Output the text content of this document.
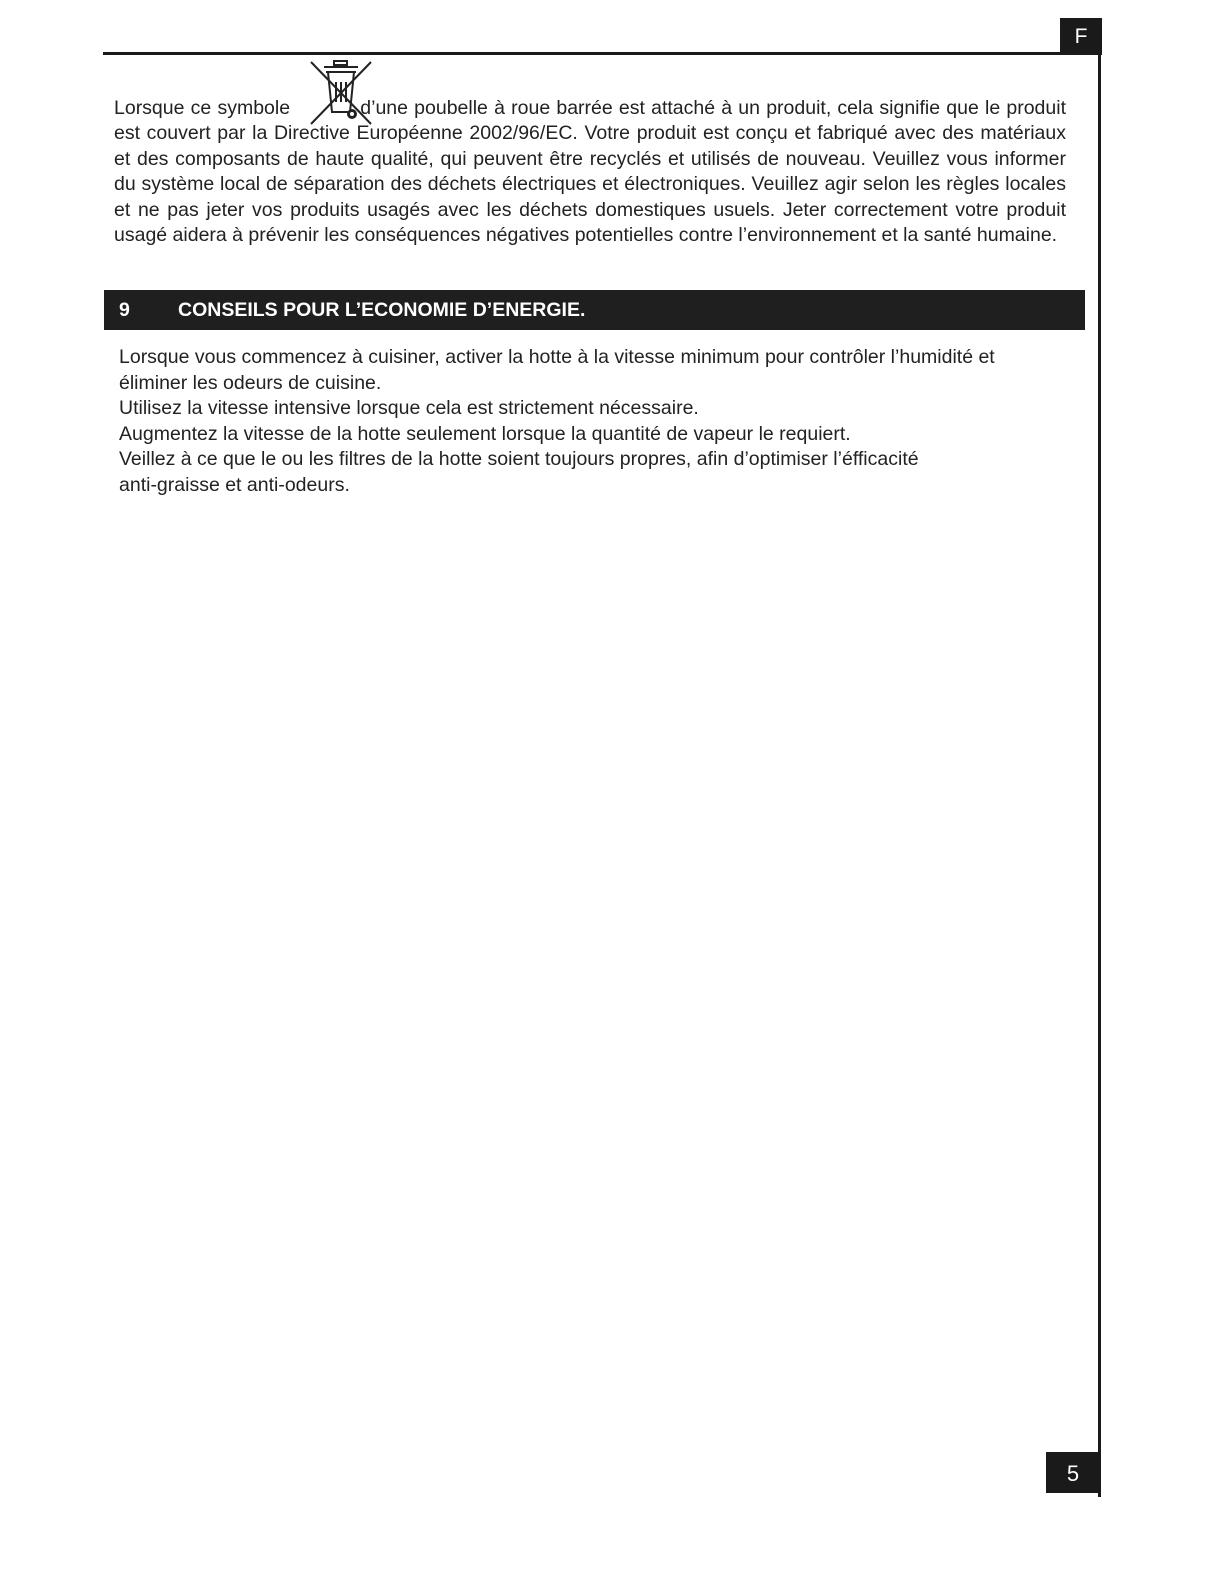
F

Lorsque ce symbole	d’une poubelle à roue barrée est attaché à un produit, cela signifie que le produit est couvert par la Directive Européenne 2002/96/EC. Votre produit est conçu et fabriqué avec des matériaux et des composants de haute qualité, qui peuvent être recyclés et utilisés de nouveau. Veuillez vous informer du système local de séparation des déchets électriques et électroniques. Veuillez agir selon les règles locales et ne pas jeter vos produits usagés avec les déchets domestiques usuels. Jeter correctement votre produit usagé aidera à prévenir les conséquences négatives potentielles contre l’environnement et la santé humaine.

9 CONSEILS POUR L’ECONOMIE D’ENERGIE.
Lorsque vous commencez à cuisiner, activer la hotte à la vitesse minimum pour contrôler l’humidité et
éliminer les odeurs de cuisine.
Utilisez la vitesse intensive lorsque cela est strictement nécessaire.
Augmentez la vitesse de la hotte seulement lorsque la quantité de vapeur le requiert.
Veillez à ce que le ou les filtres de la hotte soient toujours propres, afin d’optimiser l’éfficacité
anti-graisse et anti-odeurs.
5
